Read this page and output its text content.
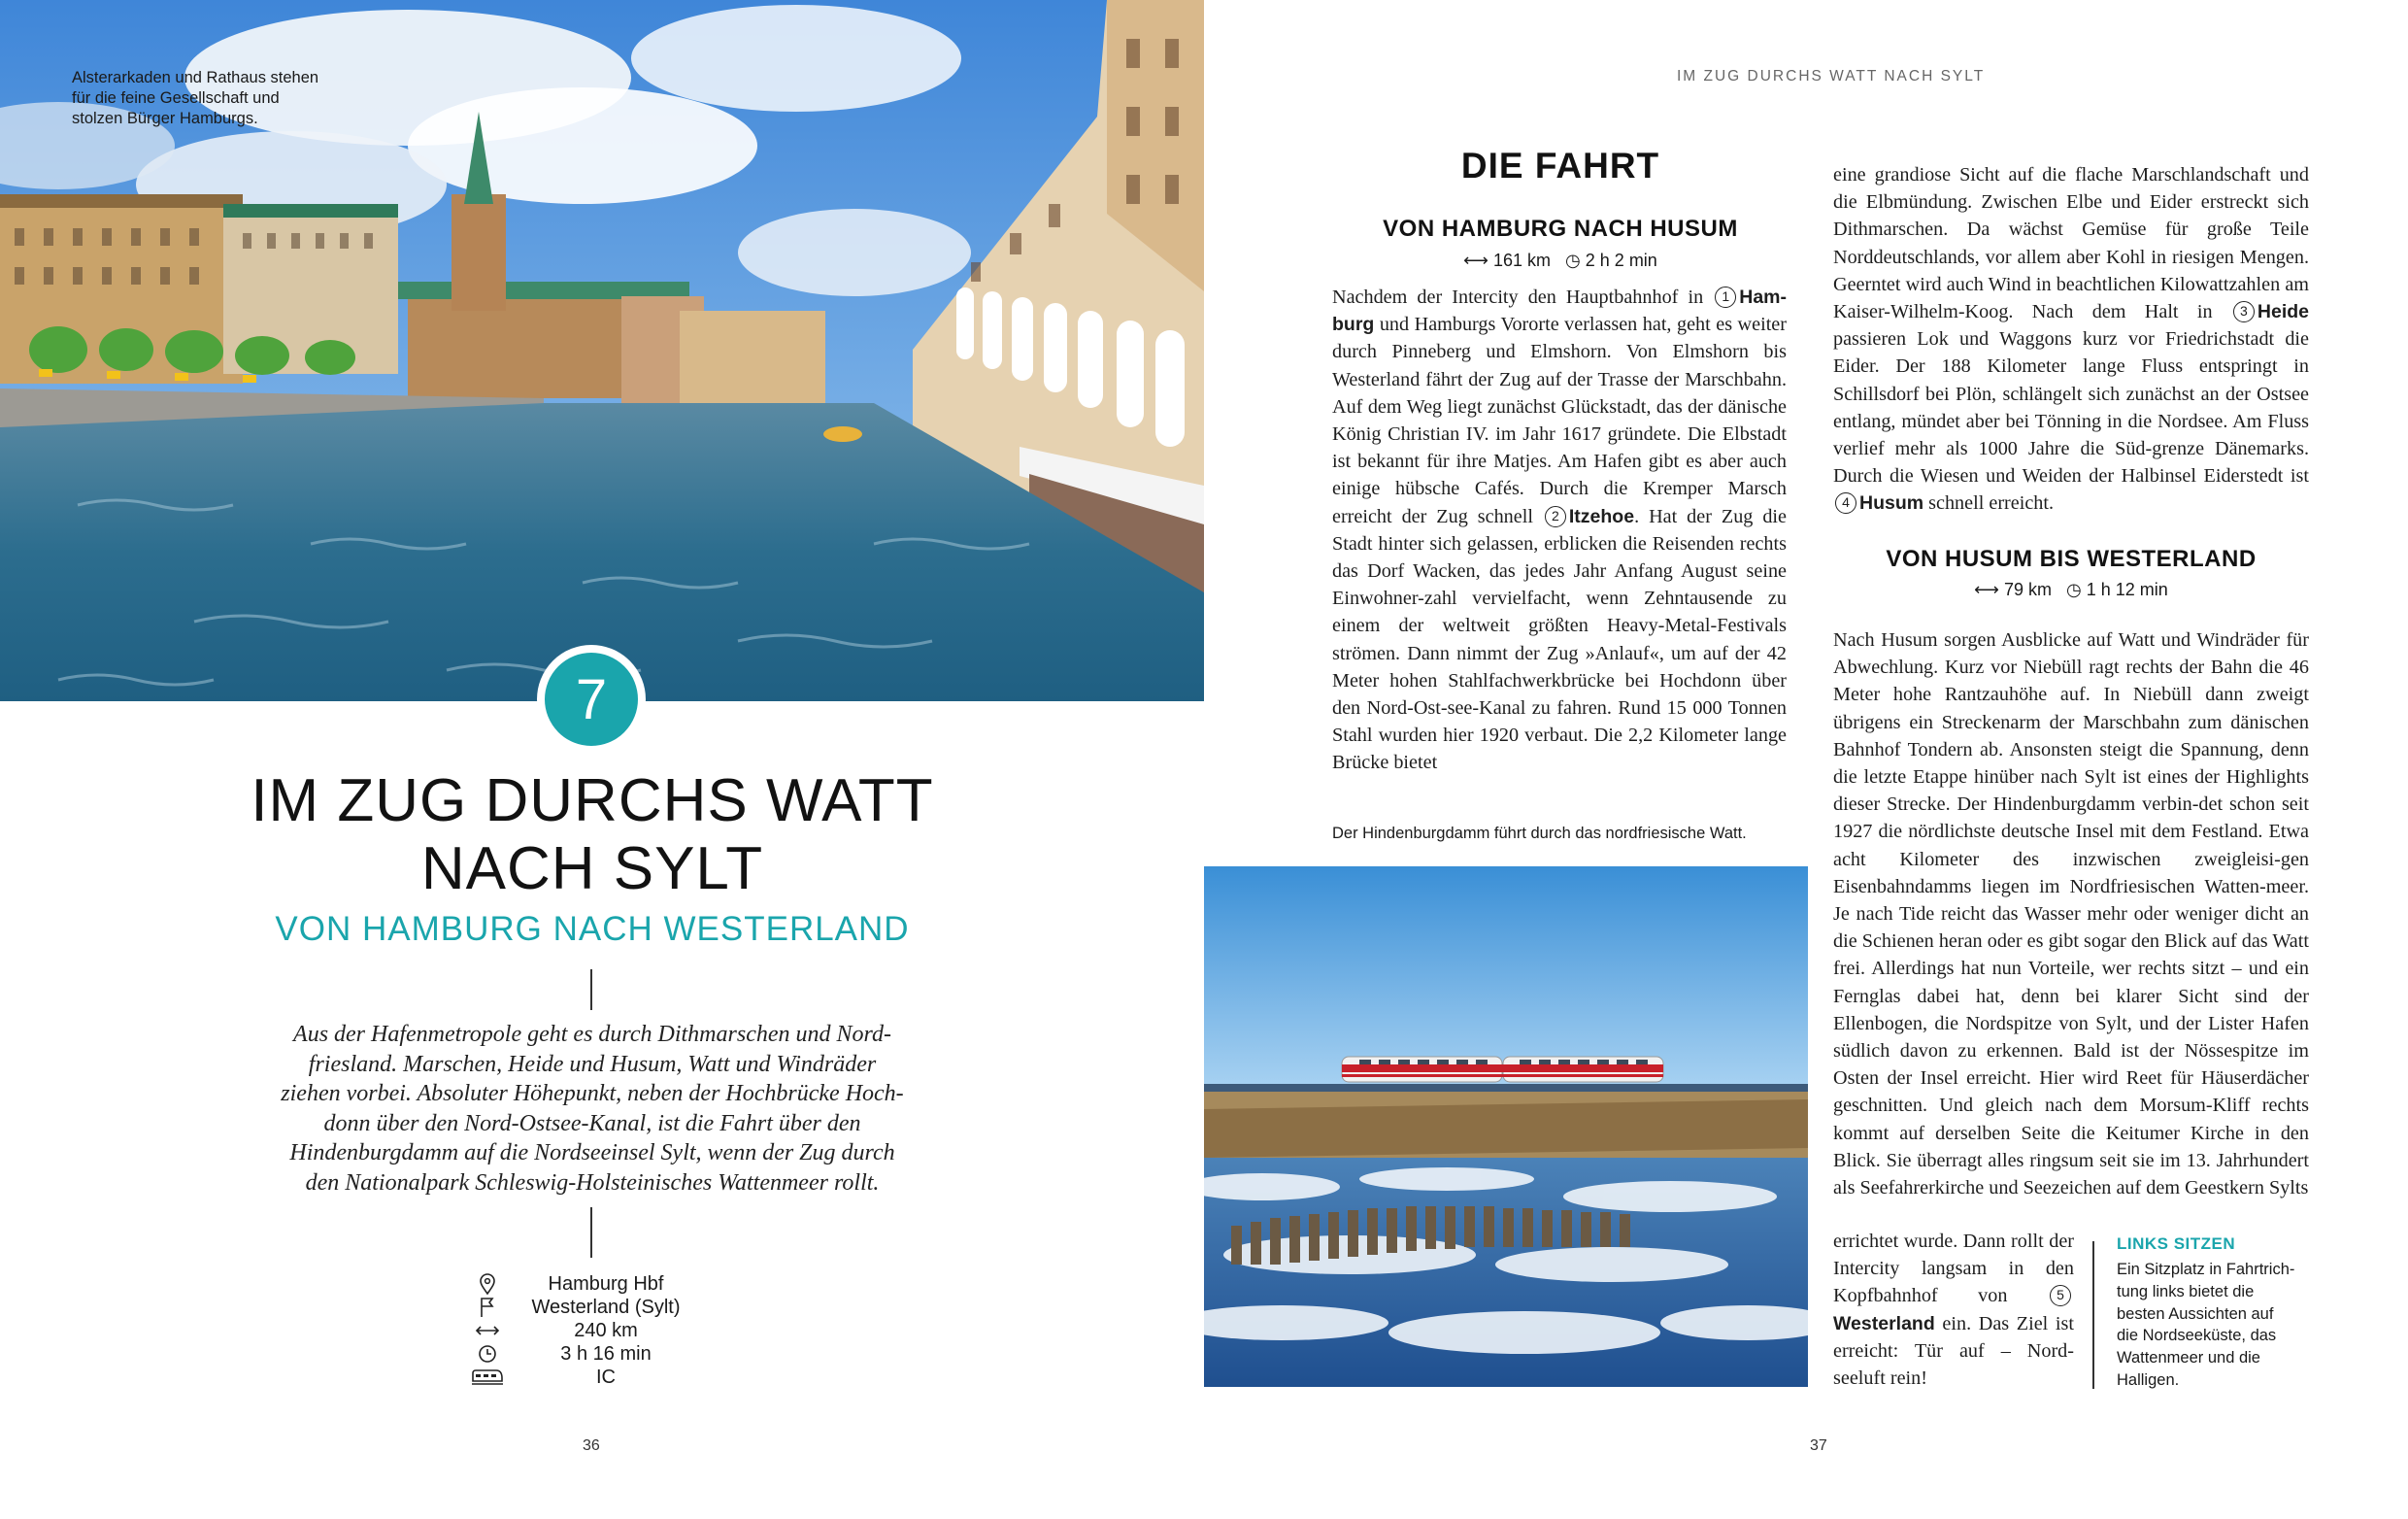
Alsterarkaden und Rathaus stehen
für die feine Gesellschaft und
stolzen Bürger Hamburgs.
7
IM ZUG DURCHS WATT
NACH SYLT
VON HAMBURG NACH WESTERLAND

Aus der Hafenmetropole geht es durch Dithmarschen und Nord-
friesland. Marschen, Heide und Husum, Watt und Windräder
ziehen vorbei. Absoluter Höhepunkt, neben der Hochbrücke Hoch-
donn über den Nord-Ostsee-Kanal, ist die Fahrt über den
Hindenburgdamm auf die Nordseeinsel Sylt, wenn der Zug durch
den Nationalpark Schleswig-Holsteinisches Wattenmeer rollt.

Hamburg Hbf
Westerland (Sylt)
240 km
3 h 16 min
IC
36
IM ZUG DURCHS WATT NACH SYLT
DIE FAHRT
VON HAMBURG NACH HUSUM
⟷ 161 km ◷ 2 h 2 min
Nachdem der Intercity den Hauptbahnhof in 1 Ham-burg und Hamburgs Vororte verlassen hat, geht es weiter durch Pinneberg und Elmshorn. Von Elmshorn bis Westerland fährt der Zug auf der Trasse der Marschbahn. Auf dem Weg liegt zunächst Glückstadt, das der dänische König Christian IV. im Jahr 1617 gründete. Die Elbstadt ist bekannt für ihre Matjes. Am Hafen gibt es aber auch einige hübsche Cafés. Durch die Kremper Marsch erreicht der Zug schnell 2 Itzehoe. Hat der Zug die Stadt hinter sich gelassen, erblicken die Reisenden rechts das Dorf Wacken, das jedes Jahr Anfang August seine Einwohner-zahl vervielfacht, wenn Zehntausende zu einem der weltweit größten Heavy-Metal-Festivals strömen. Dann nimmt der Zug »Anlauf«, um auf der 42 Meter hohen Stahlfachwerkbrücke bei Hochdonn über den Nord-Ost-see-Kanal zu fahren. Rund 15 000 Tonnen Stahl wurden hier 1920 verbaut. Die 2,2 Kilometer lange Brücke bietet
Der Hindenburgdamm führt durch das nordfriesische Watt.

eine grandiose Sicht auf die flache Marschlandschaft und die Elbmündung. Zwischen Elbe und Eider erstreckt sich Dithmarschen. Da wächst Gemüse für große Teile Norddeutschlands, vor allem aber Kohl in riesigen Mengen. Geerntet wird auch Wind in beachtlichen Kilowattzahlen am Kaiser-Wilhelm-Koog. Nach dem Halt in 3 Heide passieren Lok und Waggons kurz vor Friedrichstadt die Eider. Der 188 Kilometer lange Fluss entspringt in Schillsdorf bei Plön, schlängelt sich zunächst an der Ostsee entlang, mündet aber bei Tönning in die Nordsee. Am Fluss verlief mehr als 1000 Jahre die Süd-grenze Dänemarks. Durch die Wiesen und Weiden der Halbinsel Eiderstedt ist 4 Husum schnell erreicht.

VON HUSUM BIS WESTERLAND
⟷ 79 km ◷ 1 h 12 min

Nach Husum sorgen Ausblicke auf Watt und Windräder für Abwechlung. Kurz vor Niebüll ragt rechts der Bahn die 46 Meter hohe Rantzauhöhe auf. In Niebüll dann zweigt übrigens ein Streckenarm der Marschbahn zum dänischen Bahnhof Tondern ab. Ansonsten steigt die Spannung, denn die letzte Etappe hinüber nach Sylt ist eines der Highlights dieser Strecke. Der Hindenburgdamm verbin-det schon seit 1927 die nördlichste deutsche Insel mit dem Festland. Etwa acht Kilometer des inzwischen zweigleisi-gen Eisenbahndamms liegen im Nordfriesischen Watten-meer. Je nach Tide reicht das Wasser mehr oder weniger dicht an die Schienen heran oder es gibt sogar den Blick auf das Watt frei. Allerdings hat nun Vorteile, wer rechts sitzt – und ein Fernglas dabei hat, denn bei klarer Sicht sind der Ellenbogen, die Nordspitze von Sylt, und der Lister Hafen südlich davon zu erkennen. Bald ist der Nössespitze im Osten der Insel erreicht. Hier wird Reet für Häuserdächer geschnitten. Und gleich nach dem Morsum-Kliff rechts kommt auf derselben Seite die Keitumer Kirche in den Blick. Sie überragt alles ringsum seit sie im 13. Jahrhundert als Seefahrerkirche und Seezeichen auf dem Geestkern Sylts

errichtet wurde. Dann rollt der Intercity langsam in den Kopfbahnhof von 5Westerland ein. Das Ziel ist erreicht: Tür auf – Nord-seeluft rein!

LINKS SITZEN
Ein Sitzplatz in Fahrtrich-
tung links bietet die
besten Aussichten auf
die Nordseeküste, das
Wattenmeer und die
Halligen.
37
